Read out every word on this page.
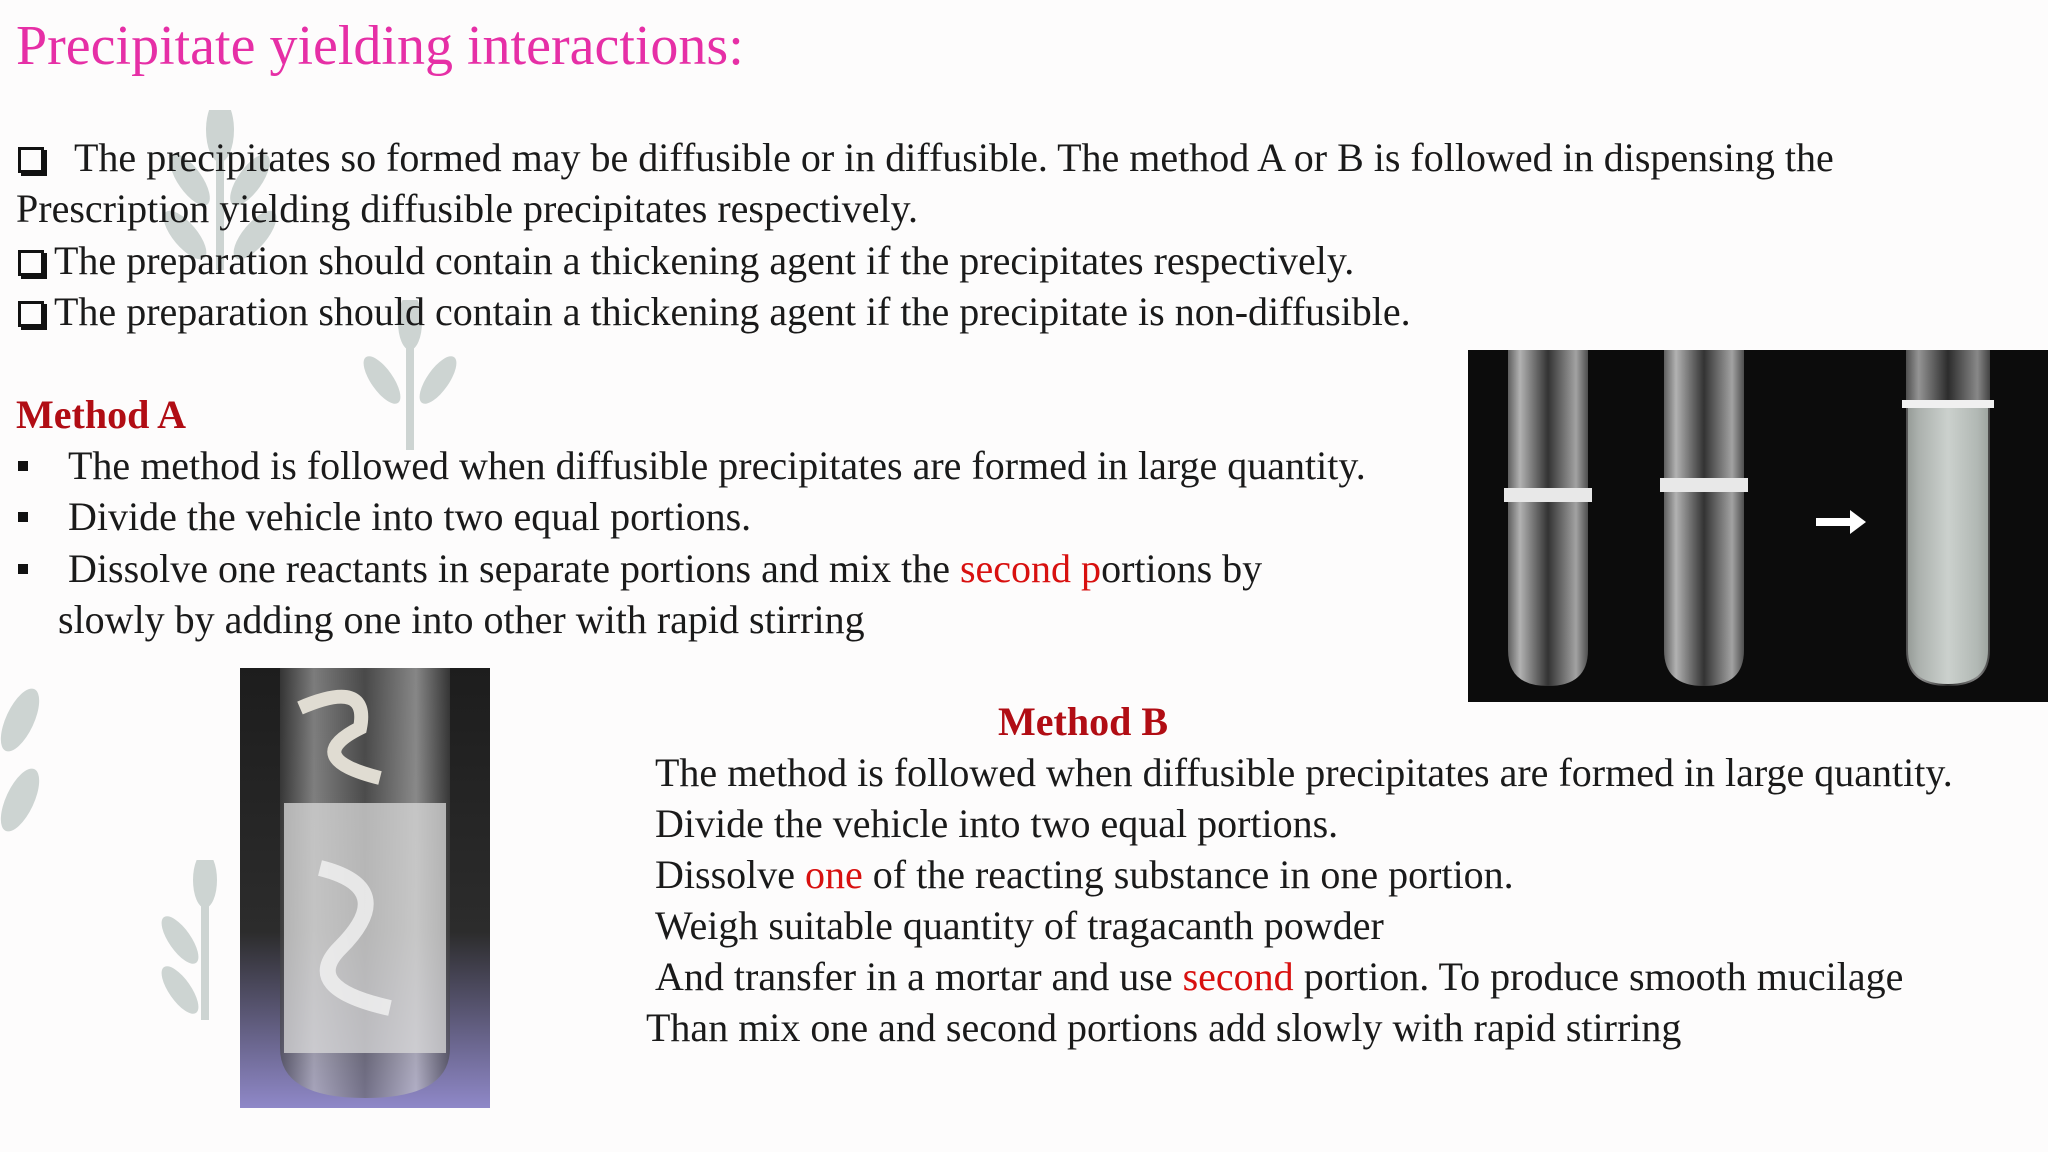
Precipitate yielding interactions:
The precipitates so formed may be diffusible or in diffusible. The method A or B is followed in dispensing the
Prescription yielding diffusible precipitates respectively.
The preparation should contain a thickening agent if the precipitates respectively.
The preparation should contain a thickening agent if the precipitate is non-diffusible.
Method A
The method is followed when diffusible precipitates are formed in large quantity.
Divide the vehicle into two equal portions.
Dissolve one reactants in separate portions and mix the second portions by
slowly by adding one into other with rapid stirring
Method B
The method is followed when diffusible precipitates are formed in large quantity.
Divide the vehicle into two equal portions.
Dissolve one of the reacting substance in one portion.
Weigh suitable quantity of tragacanth powder
And transfer in a mortar and use second portion. To produce smooth mucilage
Than mix one and second portions add slowly with rapid stirring
